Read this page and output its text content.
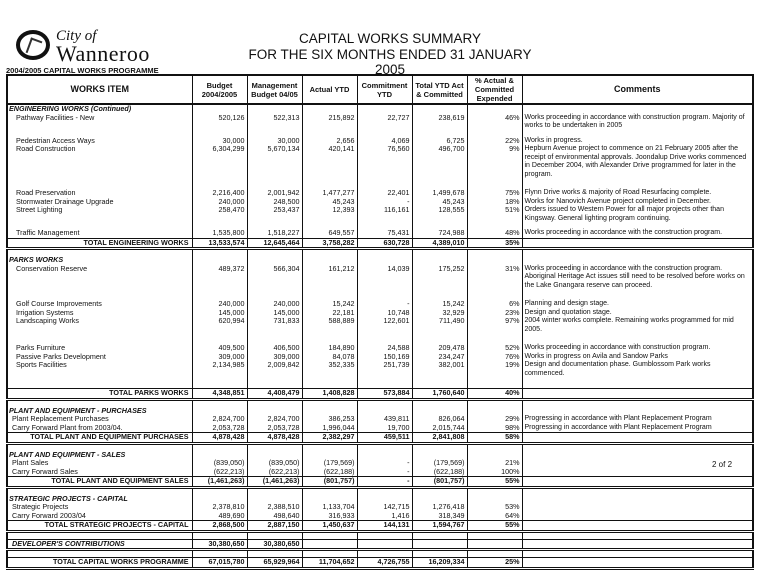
City of
Wanneroo
2004/2005 CAPITAL WORKS PROGRAMME
CAPITAL WORKS SUMMARY
FOR THE SIX MONTHS ENDED 31 JANUARY 2005
WORKS ITEM	Budget 2004/2005	Management Budget 04/05	Actual YTD	Commitment YTD	Total YTD Act & Committed	% Actual & Committed Expended	Comments
ENGINEERING WORKS (Continued)							
Pathway Facilities - New	520,126	522,313	215,892	22,727	238,619	46%	Works proceeding in accordance with construction program. Majority of works to be undertaken in 2005

Pedestrian Access Ways	30,000	30,000	2,656	4,069	6,725	22%	Works in progress.
Road Construction	6,304,299	5,670,134	420,141	76,560	496,700	9%	Hepburn Avenue project to commence on 21 February 2005 after the receipt of environmental approvals. Joondalup Drive works commenced in December 2004, with Alexander Drive programmed for later in the program.

Road Preservation	2,216,400	2,001,942	1,477,277	22,401	1,499,678	75%	Flynn Drive works & majority of Road Resurfacing complete.
Stormwater Drainage Upgrade	240,000	248,500	45,243	-	45,243	18%	Works for Nanovich Avenue project completed in December.
Street Lighting	258,470	253,437	12,393	116,161	128,555	51%	Orders issued to Western Power for all major projects other than Kingsway. General lighting program continuing.

Traffic Management	1,535,800	1,518,227	649,557	75,431	724,988	48%	Works proceeding in accordance with the construction program.
TOTAL ENGINEERING WORKS	13,533,574	12,645,464	3,758,282	630,728	4,389,010	35%	

PARKS WORKS							
Conservation Reserve	489,372	566,304	161,212	14,039	175,252	31%	Works proceeding in accordance with the construction program. Aboriginal Heritage Act issues still need to be resolved before works on the Lake Gnangara reserve can proceed.

Golf Course Improvements	240,000	240,000	15,242	-	15,242	6%	Planning and design stage.
Irrigation Systems	145,000	145,000	22,181	10,748	32,929	23%	Design and quotation stage.
Landscaping Works	620,994	731,833	588,889	122,601	711,490	97%	2004 winter works complete. Remaining works programmed for mid 2005.

Parks Furniture	409,500	406,500	184,890	24,588	209,478	52%	Works proceeding in accordance with construction program.
Passive Parks Development	309,000	309,000	84,078	150,169	234,247	76%	Works in progress on Avila and Sandow Parks
Sports Facilities	2,134,985	2,009,842	352,335	251,739	382,001	19%	Design and documentation phase. Gumblossom Park works commenced.

TOTAL PARKS WORKS	4,348,851	4,408,479	1,408,828	573,884	1,760,640	40%	

PLANT AND EQUIPMENT - PURCHASES							
Plant Replacement Purchases	2,824,700	2,824,700	386,253	439,811	826,064	29%	Progressing in accordance with Plant Replacement Program
Carry Forward Plant from 2003/04.	2,053,728	2,053,728	1,996,044	19,700	2,015,744	98%	Progressing in accordance with Plant Replacement Program
TOTAL PLANT AND EQUIPMENT PURCHASES	4,878,428	4,878,428	2,382,297	459,511	2,841,808	58%	

PLANT AND EQUIPMENT - SALES							
Plant Sales	(839,050)	(839,050)	(179,569)	-	(179,569)	21%	
Carry Forward Sales	(622,213)	(622,213)	(622,188)	-	(622,188)	100%	
TOTAL PLANT AND EQUIPMENT SALES	(1,461,263)	(1,461,263)	(801,757)	-	(801,757)	55%	

STRATEGIC PROJECTS - CAPITAL							
Strategic Projects	2,378,810	2,388,510	1,133,704	142,715	1,276,418	53%	
Carry Forward 2003/04	489,690	498,640	316,933	1,416	318,349	64%	
TOTAL STRATEGIC PROJECTS - CAPITAL	2,868,500	2,887,150	1,450,637	144,131	1,594,767	55%	

DEVELOPER'S CONTRIBUTIONS	30,380,650	30,380,650					

TOTAL CAPITAL WORKS PROGRAMME	67,015,780	65,929,964	11,704,652	4,726,755	16,209,334	25%	
2 of 2
